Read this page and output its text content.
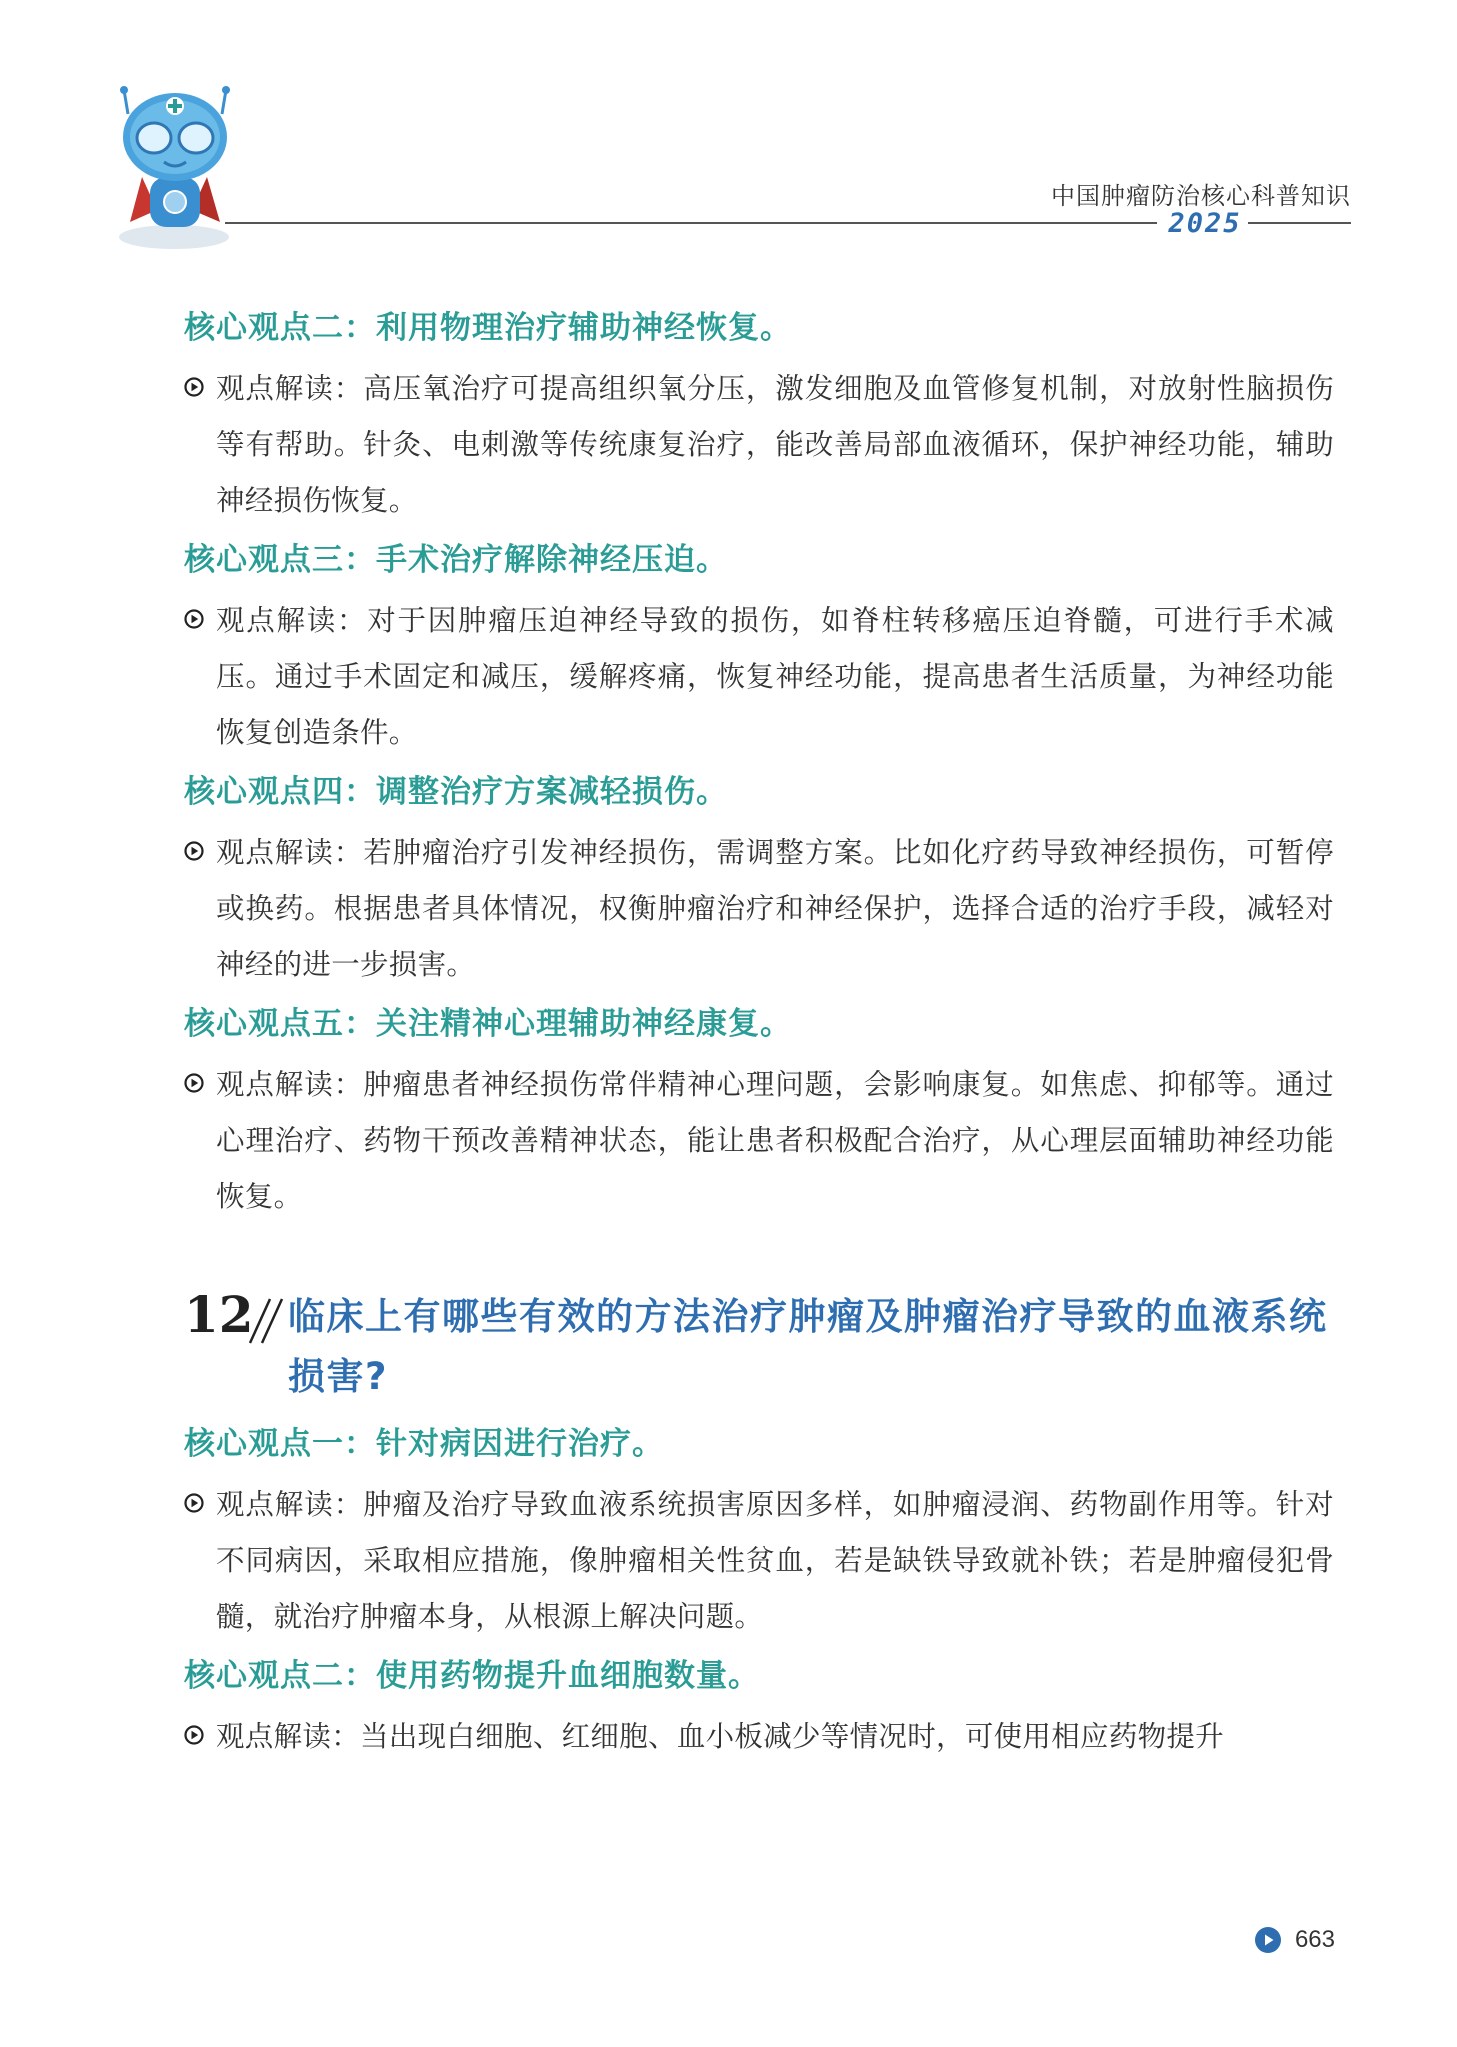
中国肿瘤防治核心科普知识
2025
核心观点二：利用物理治疗辅助神经恢复。
观点解读：高压氧治疗可提高组织氧分压，激发细胞及血管修复机制，对放射性脑损伤等有帮助。针灸、电刺激等传统康复治疗，能改善局部血液循环，保护神经功能，辅助神经损伤恢复。
核心观点三：手术治疗解除神经压迫。
观点解读：对于因肿瘤压迫神经导致的损伤，如脊柱转移癌压迫脊髓，可进行手术减压。通过手术固定和减压，缓解疼痛，恢复神经功能，提高患者生活质量，为神经功能恢复创造条件。
核心观点四：调整治疗方案减轻损伤。
观点解读：若肿瘤治疗引发神经损伤，需调整方案。比如化疗药导致神经损伤，可暂停或换药。根据患者具体情况，权衡肿瘤治疗和神经保护，选择合适的治疗手段，减轻对神经的进一步损害。
核心观点五：关注精神心理辅助神经康复。
观点解读：肿瘤患者神经损伤常伴精神心理问题，会影响康复。如焦虑、抑郁等。通过心理治疗、药物干预改善精神状态，能让患者积极配合治疗，从心理层面辅助神经功能恢复。
12 临床上有哪些有效的方法治疗肿瘤及肿瘤治疗导致的血液系统损害?
核心观点一：针对病因进行治疗。
观点解读：肿瘤及治疗导致血液系统损害原因多样，如肿瘤浸润、药物副作用等。针对不同病因，采取相应措施，像肿瘤相关性贫血，若是缺铁导致就补铁；若是肿瘤侵犯骨髓，就治疗肿瘤本身，从根源上解决问题。
核心观点二：使用药物提升血细胞数量。
观点解读：当出现白细胞、红细胞、血小板减少等情况时，可使用相应药物提升
663
